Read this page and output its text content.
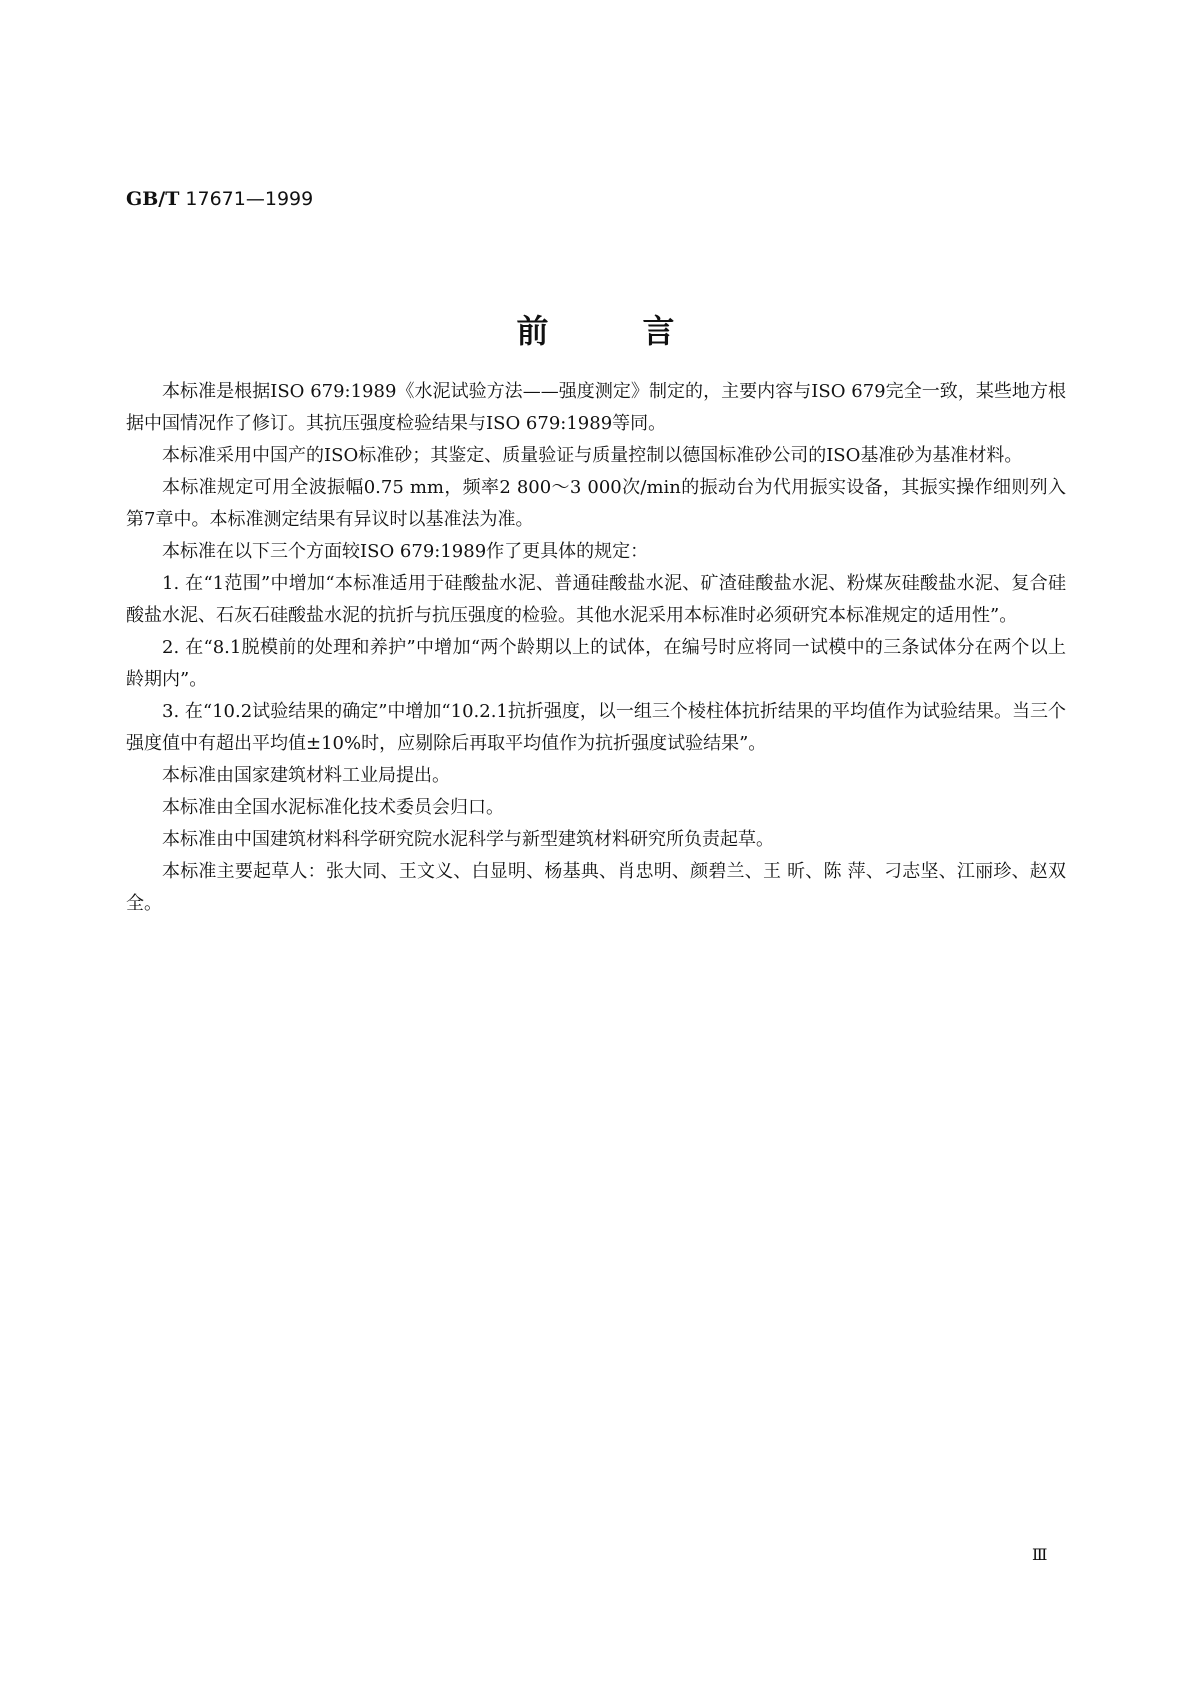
GB/T 17671—1999
前言

本标准是根据ISO 679:1989《水泥试验方法——强度测定》制定的，主要内容与ISO 679完全一致，某些地方根据中国情况作了修订。其抗压强度检验结果与ISO 679:1989等同。

本标准采用中国产的ISO标准砂；其鉴定、质量验证与质量控制以德国标准砂公司的ISO基准砂为基准材料。

本标准规定可用全波振幅0.75 mm，频率2 800～3 000次/min的振动台为代用振实设备，其振实操作细则列入第7章中。本标准测定结果有异议时以基准法为准。

本标准在以下三个方面较ISO 679:1989作了更具体的规定：

1. 在“1范围”中增加“本标准适用于硅酸盐水泥、普通硅酸盐水泥、矿渣硅酸盐水泥、粉煤灰硅酸盐水泥、复合硅酸盐水泥、石灰石硅酸盐水泥的抗折与抗压强度的检验。其他水泥采用本标准时必须研究本标准规定的适用性”。

2. 在“8.1脱模前的处理和养护”中增加“两个龄期以上的试体，在编号时应将同一试模中的三条试体分在两个以上龄期内”。

3. 在“10.2试验结果的确定”中增加“10.2.1抗折强度，以一组三个棱柱体抗折结果的平均值作为试验结果。当三个强度值中有超出平均值±10%时，应剔除后再取平均值作为抗折强度试验结果”。

本标准由国家建筑材料工业局提出。

本标准由全国水泥标准化技术委员会归口。

本标准由中国建筑材料科学研究院水泥科学与新型建筑材料研究所负责起草。

本标准主要起草人：张大同、王文义、白显明、杨基典、肖忠明、颜碧兰、王 昕、陈 萍、刁志坚、江丽珍、赵双全。

Ⅲ
